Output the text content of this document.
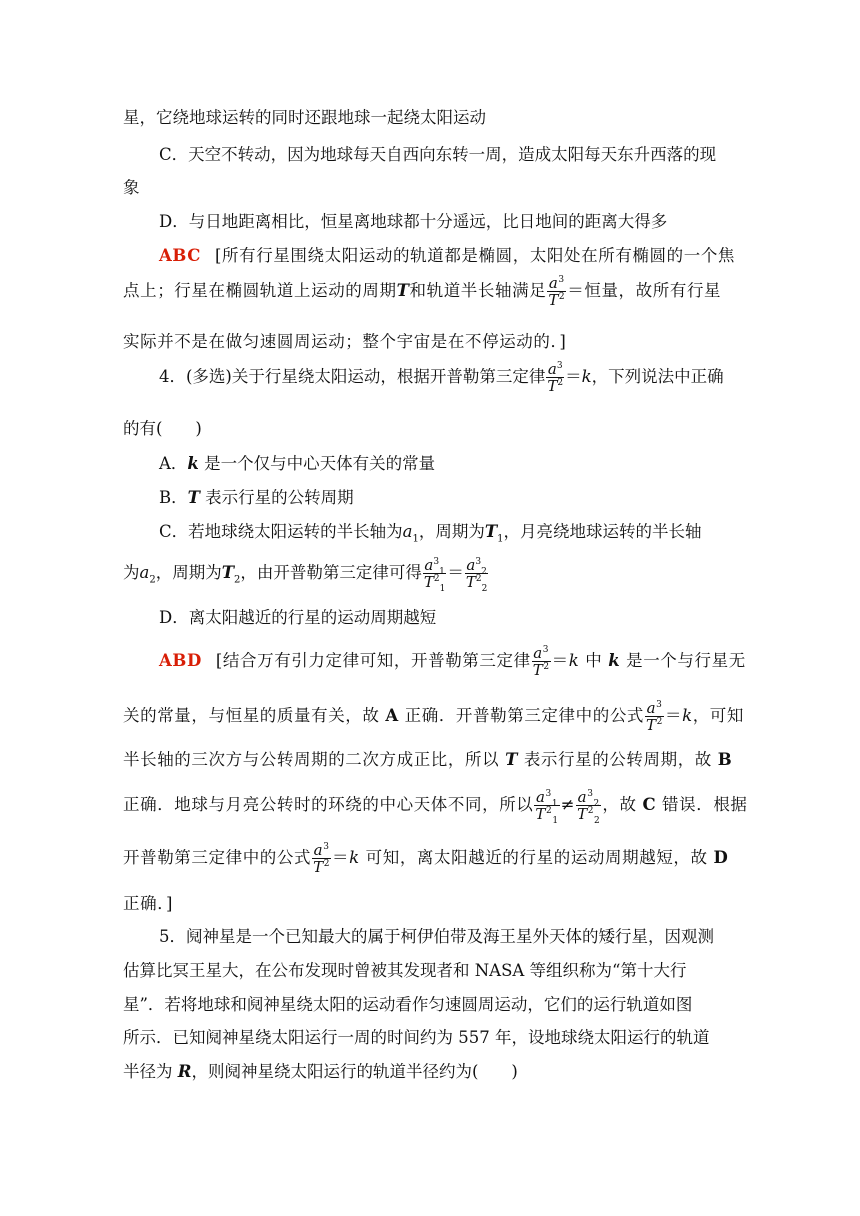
星，它绕地球运转的同时还跟地球一起绕太阳运动
C．天空不转动，因为地球每天自西向东转一周，造成太阳每天东升西落的现
象
D．与日地距离相比，恒星离地球都十分遥远，比日地间的距离大得多
ABC [所有行星围绕太阳运动的轨道都是椭圆，太阳处在所有椭圆的一个焦
点上；行星在椭圆轨道上运动的周期T和轨道半长轴满足 $\frac{a^3}{T^2}$ ＝恒量，故所有行星
实际并不是在做匀速圆周运动；整个宇宙是在不停运动的．]
4．(多选)关于行星绕太阳运动，根据开普勒第三定律 $\frac{a^3}{T^2} =k$，下列说法中正确
的有(　　)
A．k 是一个仅与中心天体有关的常量
B．T 表示行星的公转周期
C．若地球绕太阳运转的半长轴为$a_1$，周期为$T_1$，月亮绕地球运转的半长轴
为$a_2$，周期为$T_2$，由开普勒第三定律可得 $\frac{a^3_1}{T^2_1} = \frac{a^3_2}{T^2_2}$
D．离太阳越近的行星的运动周期越短
ABD [结合万有引力定律可知，开普勒第三定律 $\frac{a^3}{T^2} =k$ 中 k 是一个与行星无
关的常量，与恒星的质量有关，故 A 正确．开普勒第三定律中的公式 $\frac{a^3}{T^2} =k$，可知
半长轴的三次方与公转周期的二次方成正比，所以 T 表示行星的公转周期，故 B
正确．地球与月亮公转时的环绕的中心天体不同，所以 $\frac{a^3_1}{T^2_1} \ne \frac{a^3_2}{T^2_2}$ ，故 C 错误．根据
开普勒第三定律中的公式 $\frac{a^3}{T^2} =k$ 可知，离太阳越近的行星的运动周期越短，故 D
正确．]
5．阋神星是一个已知最大的属于柯伊伯带及海王星外天体的矮行星，因观测
估算比冥王星大，在公布发现时曾被其发现者和 NASA 等组织称为“第十大行
星”．若将地球和阋神星绕太阳的运动看作匀速圆周运动，它们的运行轨道如图
所示．已知阋神星绕太阳运行一周的时间约为 557 年，设地球绕太阳运行的轨道
半径为 R，则阋神星绕太阳运行的轨道半径约为(　　)
